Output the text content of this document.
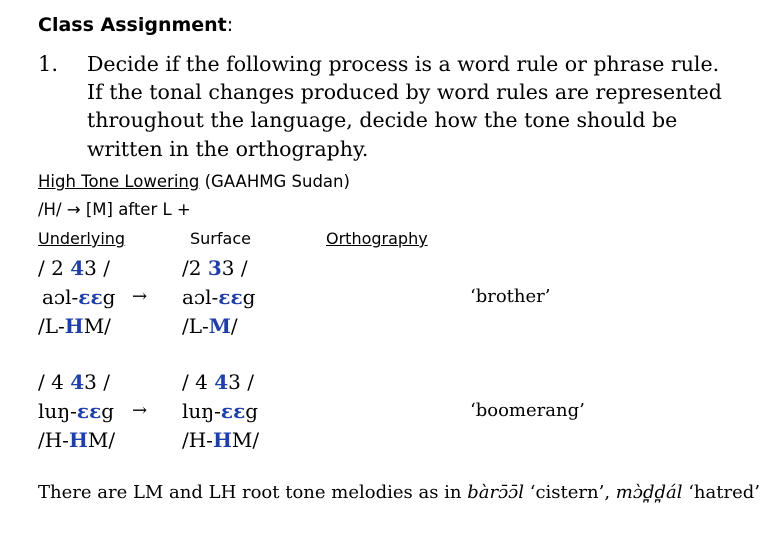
Class Assignment:
1. Decide if the following process is a word rule or phrase rule.
If the tonal changes produced by word rules are represented
throughout the language, decide how the tone should be
written in the orthography.
High Tone Lowering (GAAHMG Sudan)
/H/ → [M] after L +
Underlying	Surface	Orthography
/ 2 43 /
aɔl-ɛɛg →
/L-HM/
/2 33 /
aɔl-ɛɛg
/L-M/
‘brother’
/ 4 43 /
luŋ-ɛɛg →
/H-HM/
/ 4 43 /
luŋ-ɛɛg
/H-HM/
‘boomerang’
There are LM and LH root tone melodies as in bàrɔ̄ɔ̄l ‘cistern’, mɔ̀d̪d̪ál ‘hatred’
